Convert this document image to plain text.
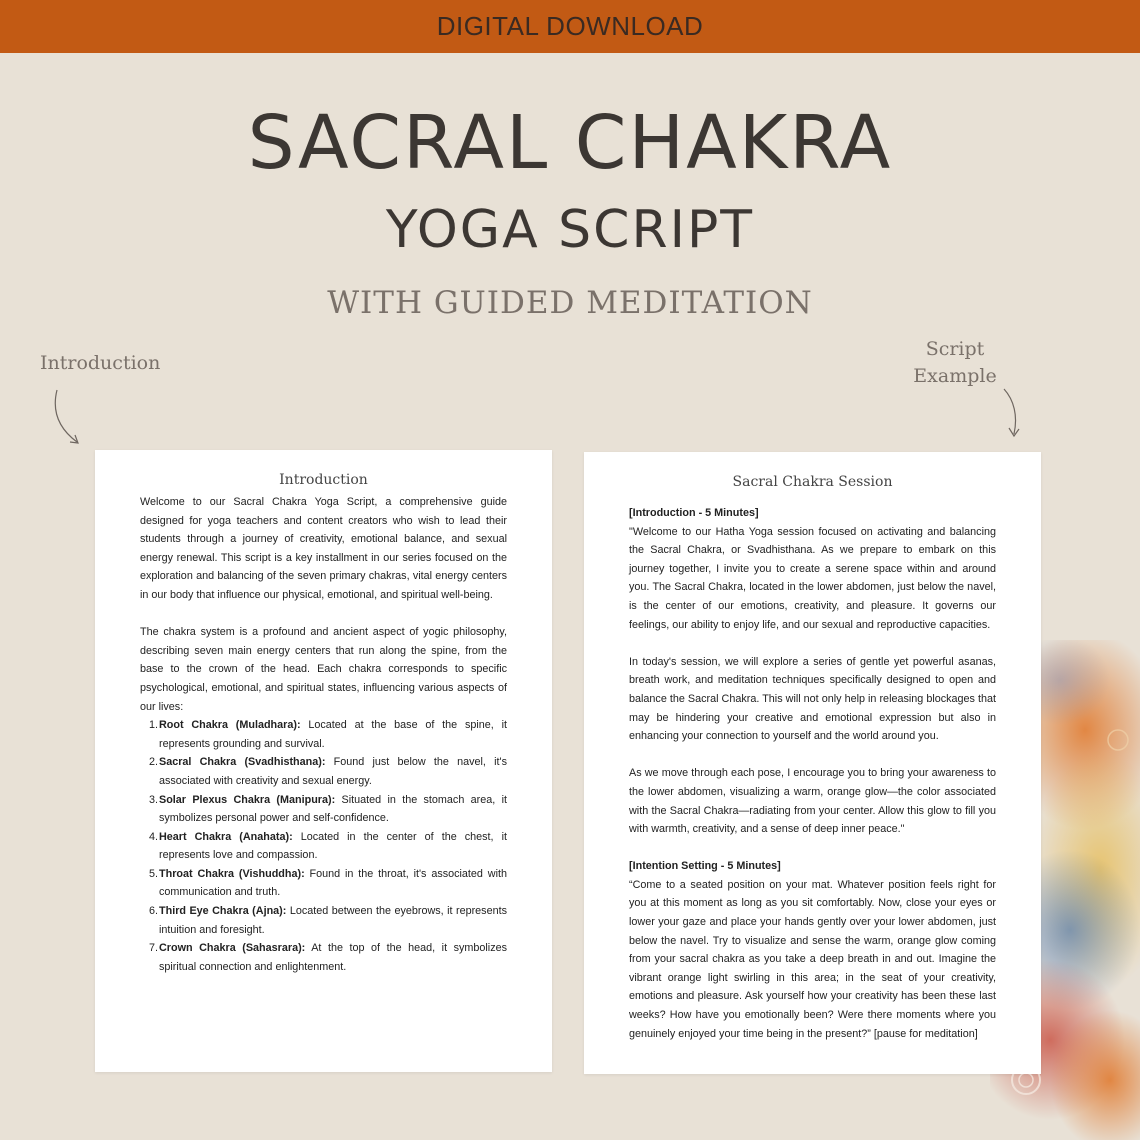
DIGITAL DOWNLOAD
SACRAL CHAKRA
YOGA SCRIPT
WITH GUIDED MEDITATION
Introduction
Script
Example
Introduction

Welcome to our Sacral Chakra Yoga Script, a comprehensive guide designed for yoga teachers and content creators who wish to lead their students through a journey of creativity, emotional balance, and sexual energy renewal. This script is a key installment in our series focused on the exploration and balancing of the seven primary chakras, vital energy centers in our body that influence our physical, emotional, and spiritual well-being.

The chakra system is a profound and ancient aspect of yogic philosophy, describing seven main energy centers that run along the spine, from the base to the crown of the head. Each chakra corresponds to specific psychological, emotional, and spiritual states, influencing various aspects of our lives:

1. Root Chakra (Muladhara): Located at the base of the spine, it represents grounding and survival.
2. Sacral Chakra (Svadhisthana): Found just below the navel, it's associated with creativity and sexual energy.
3. Solar Plexus Chakra (Manipura): Situated in the stomach area, it symbolizes personal power and self-confidence.
4. Heart Chakra (Anahata): Located in the center of the chest, it represents love and compassion.
5. Throat Chakra (Vishuddha): Found in the throat, it's associated with communication and truth.
6. Third Eye Chakra (Ajna): Located between the eyebrows, it represents intuition and foresight.
7. Crown Chakra (Sahasrara): At the top of the head, it symbolizes spiritual connection and enlightenment.
Sacral Chakra Session

[Introduction - 5 Minutes]

"Welcome to our Hatha Yoga session focused on activating and balancing the Sacral Chakra, or Svadhisthana. As we prepare to embark on this journey together, I invite you to create a serene space within and around you. The Sacral Chakra, located in the lower abdomen, just below the navel, is the center of our emotions, creativity, and pleasure. It governs our feelings, our ability to enjoy life, and our sexual and reproductive capacities.

In today's session, we will explore a series of gentle yet powerful asanas, breath work, and meditation techniques specifically designed to open and balance the Sacral Chakra. This will not only help in releasing blockages that may be hindering your creative and emotional expression but also in enhancing your connection to yourself and the world around you.

As we move through each pose, I encourage you to bring your awareness to the lower abdomen, visualizing a warm, orange glow—the color associated with the Sacral Chakra—radiating from your center. Allow this glow to fill you with warmth, creativity, and a sense of deep inner peace."

[Intention Setting - 5 Minutes]

“Come to a seated position on your mat. Whatever position feels right for you at this moment as long as you sit comfortably. Now, close your eyes or lower your gaze and place your hands gently over your lower abdomen, just below the navel. Try to visualize and sense the warm, orange glow coming from your sacral chakra as you take a deep breath in and out. Imagine the vibrant orange light swirling in this area; in the seat of your creativity, emotions and pleasure. Ask yourself how your creativity has been these last weeks? How have you emotionally been? Were there moments where you genuinely enjoyed your time being in the present?” [pause for meditation]
